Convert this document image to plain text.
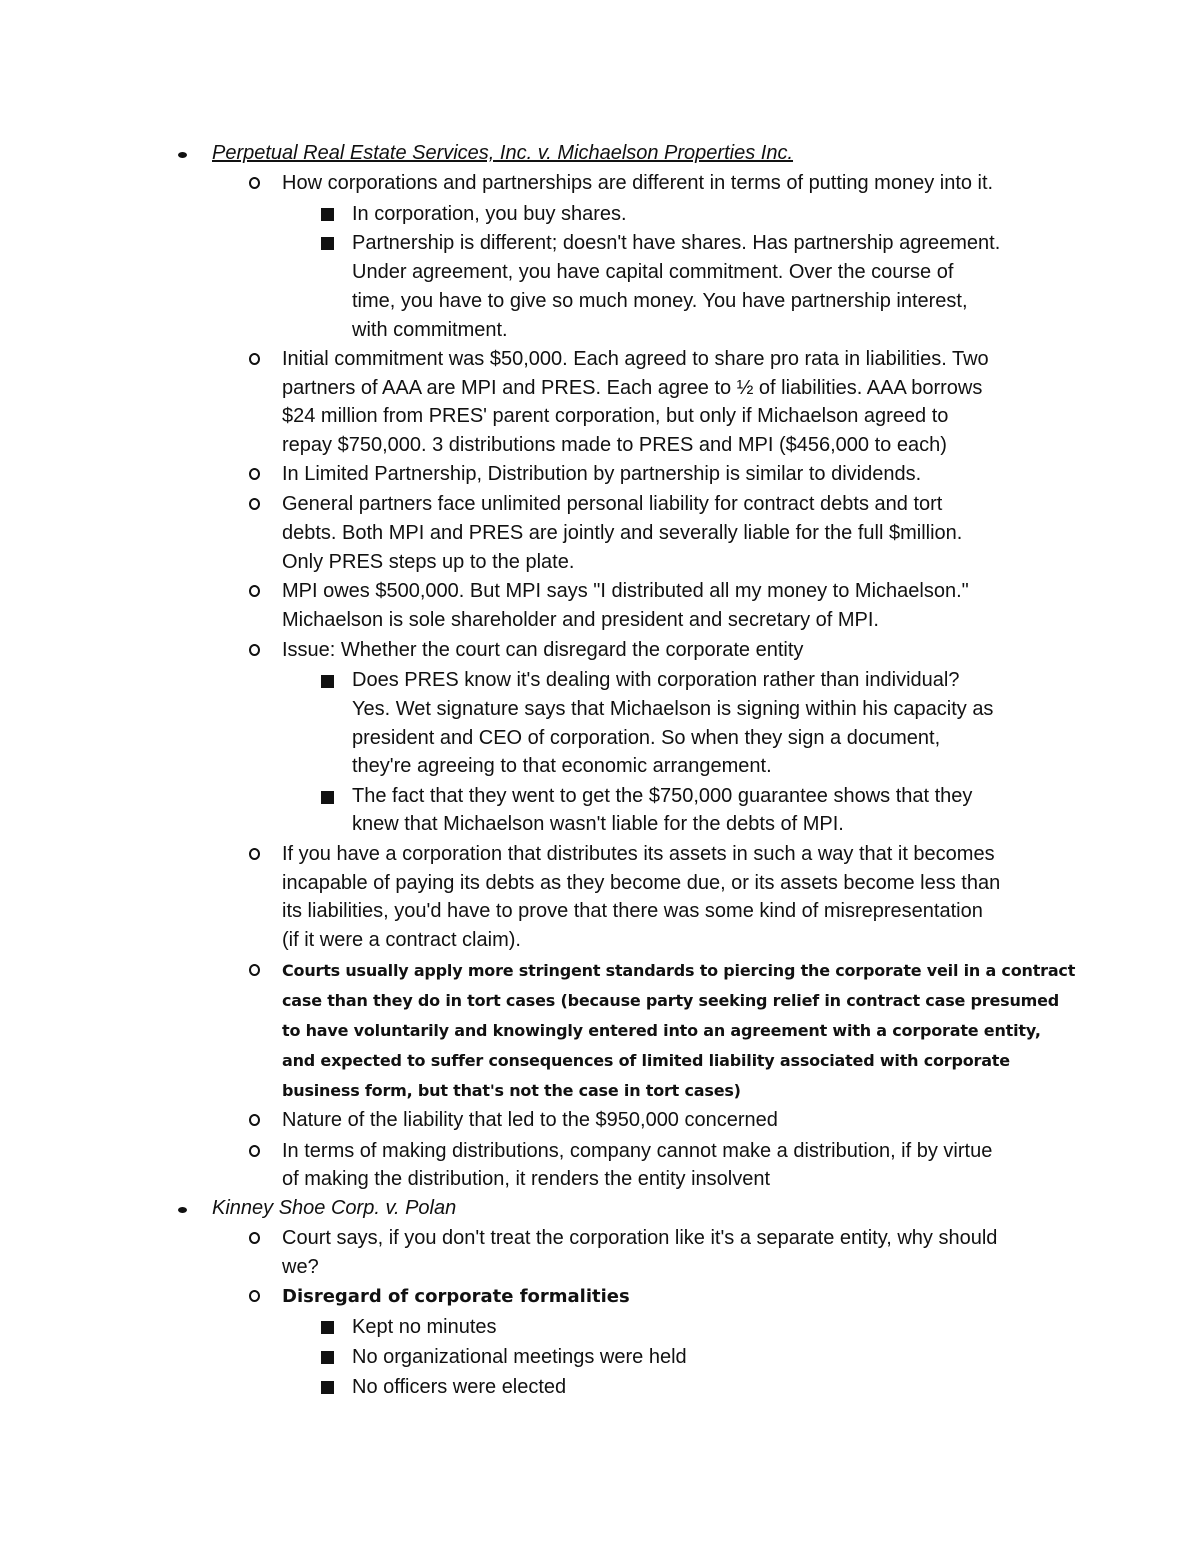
Perpetual Real Estate Services, Inc. v. Michaelson Properties Inc.
How corporations and partnerships are different in terms of putting money into it.
In corporation, you buy shares.
Partnership is different; doesn't have shares. Has partnership agreement.
Under agreement, you have capital commitment. Over the course of
time, you have to give so much money. You have partnership interest,
with commitment.
Initial commitment was $50,000. Each agreed to share pro rata in liabilities. Two
partners of AAA are MPI and PRES. Each agree to ½ of liabilities. AAA borrows
$24 million from PRES' parent corporation, but only if Michaelson agreed to
repay $750,000. 3 distributions made to PRES and MPI ($456,000 to each)
In Limited Partnership, Distribution by partnership is similar to dividends.
General partners face unlimited personal liability for contract debts and tort
debts. Both MPI and PRES are jointly and severally liable for the full $million.
Only PRES steps up to the plate.
MPI owes $500,000. But MPI says "I distributed all my money to Michaelson."
Michaelson is sole shareholder and president and secretary of MPI.
Issue: Whether the court can disregard the corporate entity
Does PRES know it's dealing with corporation rather than individual?
Yes. Wet signature says that Michaelson is signing within his capacity as
president and CEO of corporation. So when they sign a document,
they're agreeing to that economic arrangement.
The fact that they went to get the $750,000 guarantee shows that they
knew that Michaelson wasn't liable for the debts of MPI.
If you have a corporation that distributes its assets in such a way that it becomes
incapable of paying its debts as they become due, or its assets become less than
its liabilities, you'd have to prove that there was some kind of misrepresentation
(if it were a contract claim).
Courts usually apply more stringent standards to piercing the corporate veil in a contract
case than they do in tort cases (because party seeking relief in contract case presumed
to have voluntarily and knowingly entered into an agreement with a corporate entity,
and expected to suffer consequences of limited liability associated with corporate
business form, but that's not the case in tort cases)
Nature of the liability that led to the $950,000 concerned
In terms of making distributions, company cannot make a distribution, if by virtue
of making the distribution, it renders the entity insolvent
Kinney Shoe Corp. v. Polan
Court says, if you don't treat the corporation like it's a separate entity, why should
we?
Disregard of corporate formalities
Kept no minutes
No organizational meetings were held
No officers were elected
